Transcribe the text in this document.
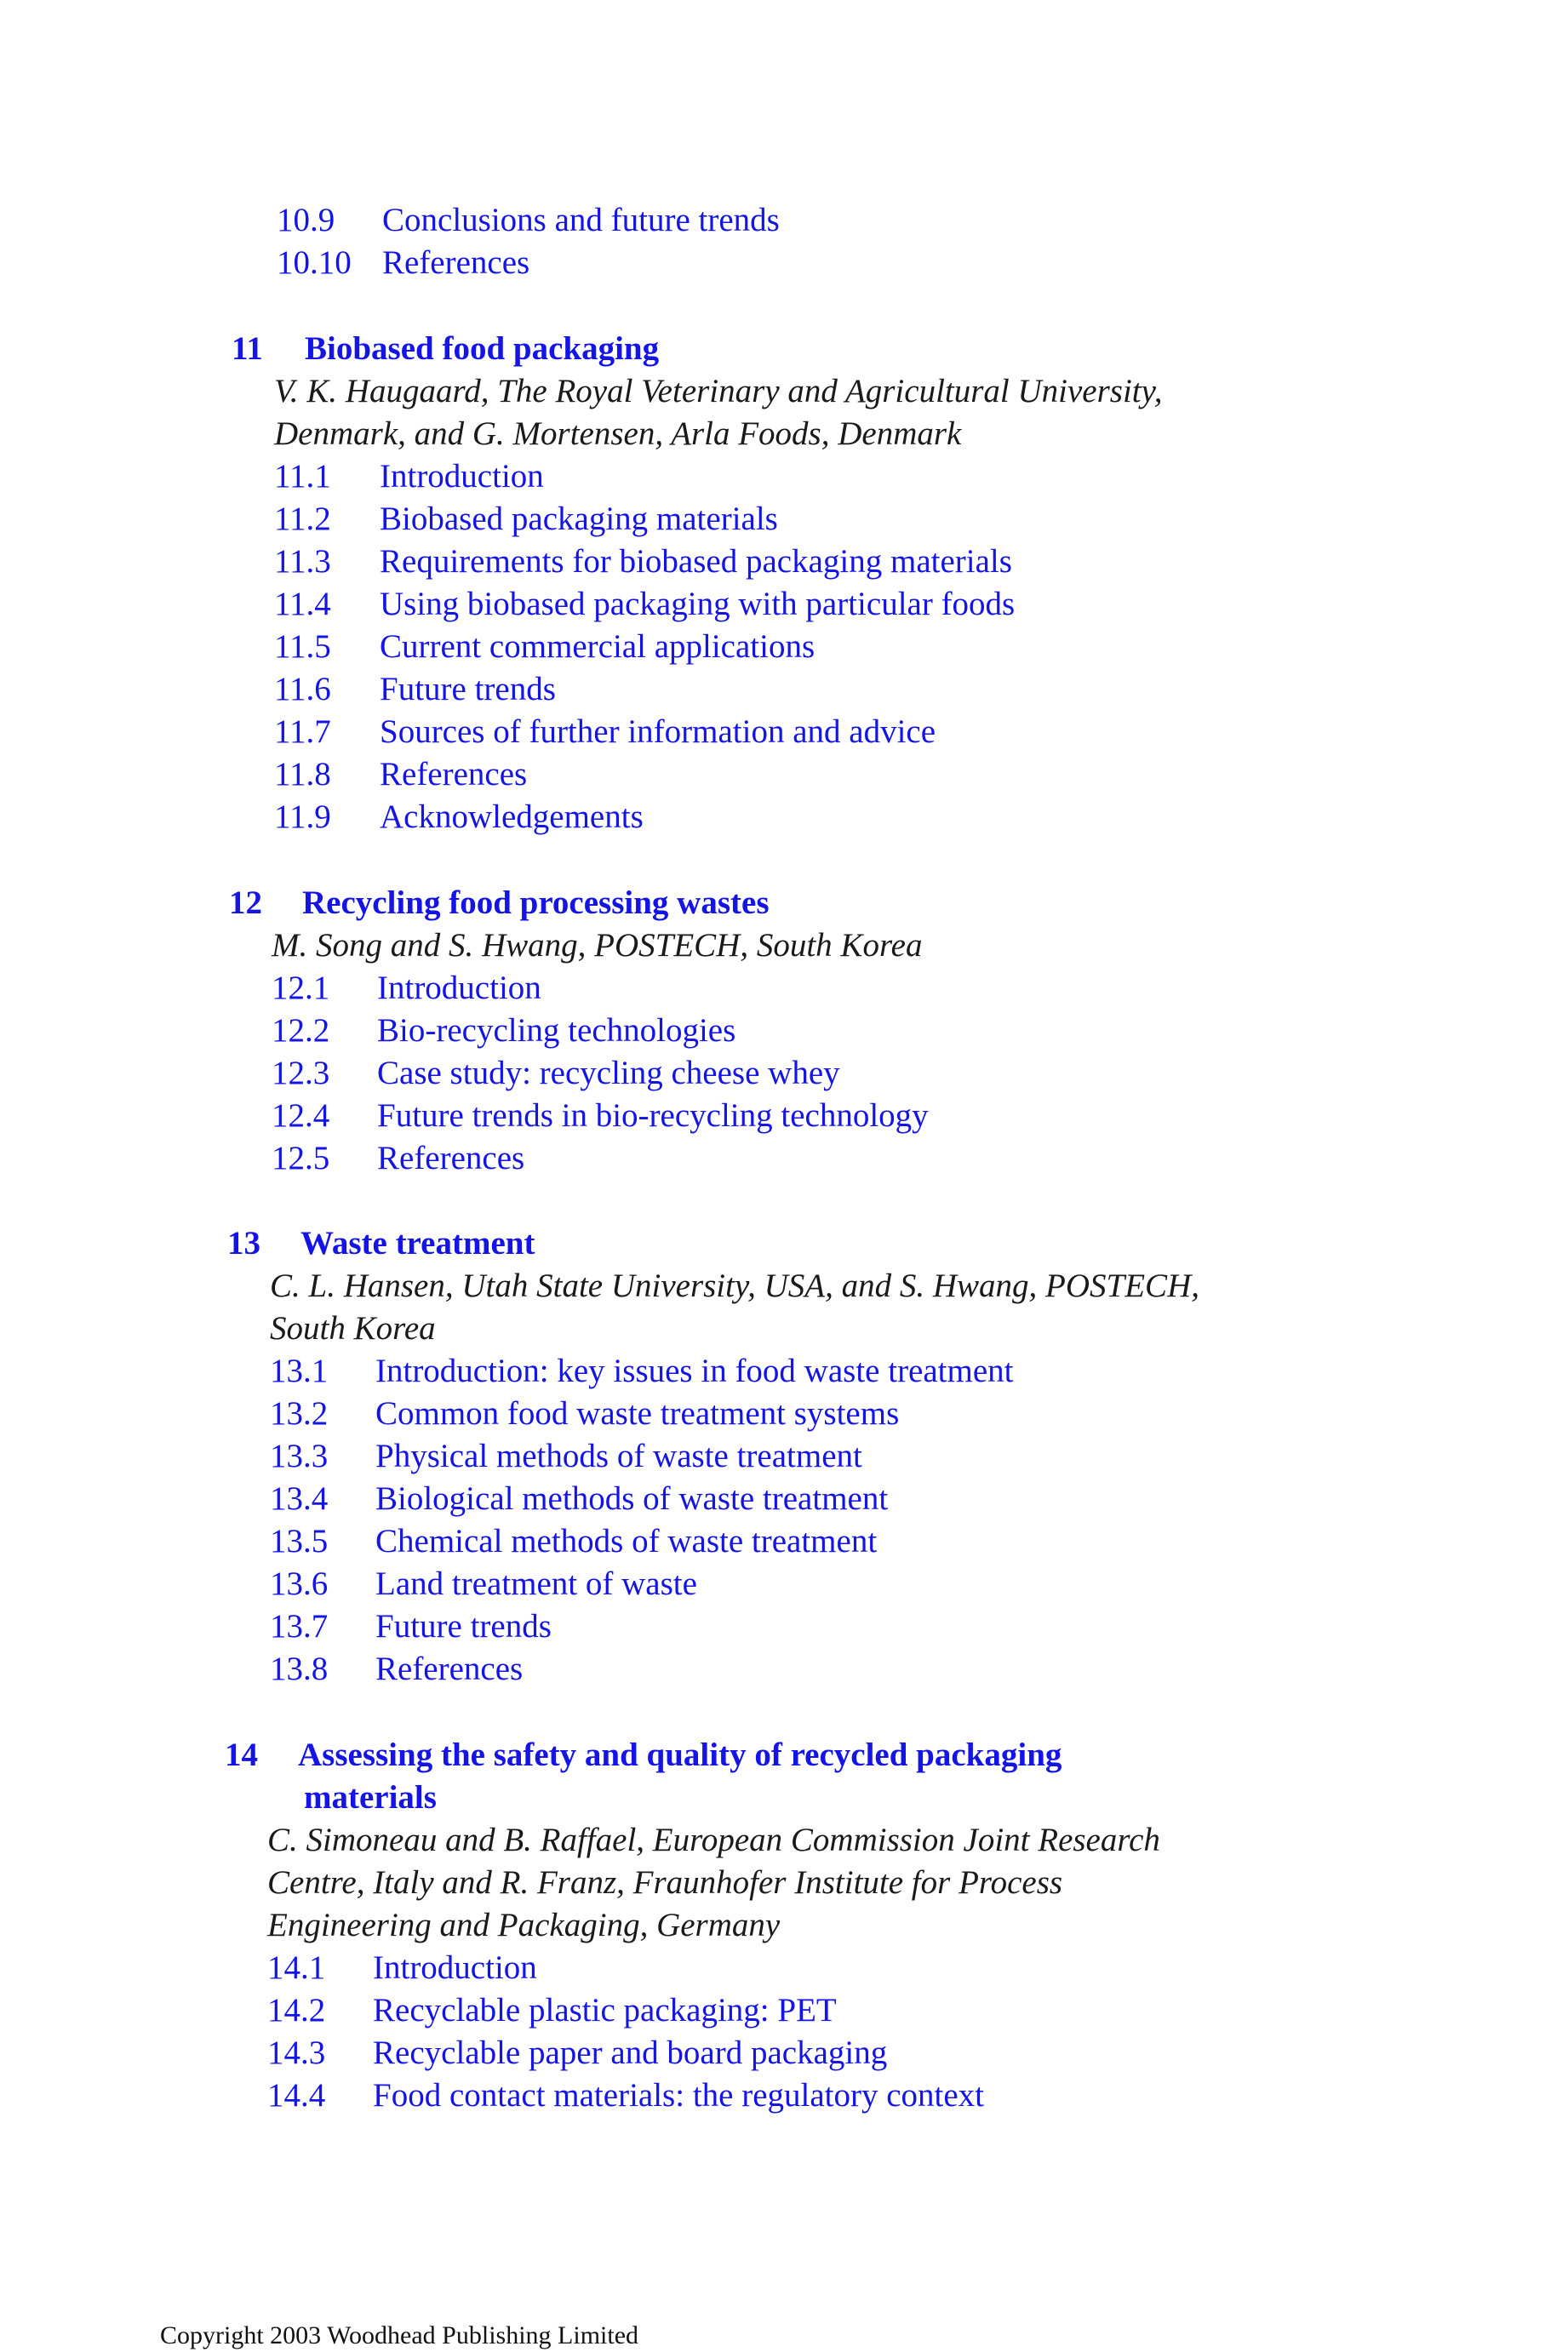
10.9 Conclusions and future trends
10.10 References
11 Biobased food packaging
V. K. Haugaard, The Royal Veterinary and Agricultural University,
Denmark, and G. Mortensen, Arla Foods, Denmark
11.1 Introduction
11.2 Biobased packaging materials
11.3 Requirements for biobased packaging materials
11.4 Using biobased packaging with particular foods
11.5 Current commercial applications
11.6 Future trends
11.7 Sources of further information and advice
11.8 References
11.9 Acknowledgements
12 Recycling food processing wastes
M. Song and S. Hwang, POSTECH, South Korea
12.1 Introduction
12.2 Bio-recycling technologies
12.3 Case study: recycling cheese whey
12.4 Future trends in bio-recycling technology
12.5 References
13 Waste treatment
C. L. Hansen, Utah State University, USA, and S. Hwang, POSTECH,
South Korea
13.1 Introduction: key issues in food waste treatment
13.2 Common food waste treatment systems
13.3 Physical methods of waste treatment
13.4 Biological methods of waste treatment
13.5 Chemical methods of waste treatment
13.6 Land treatment of waste
13.7 Future trends
13.8 References
14 Assessing the safety and quality of recycled packaging
materials
C. Simoneau and B. Raffael, European Commission Joint Research
Centre, Italy and R. Franz, Fraunhofer Institute for Process
Engineering and Packaging, Germany
14.1 Introduction
14.2 Recyclable plastic packaging: PET
14.3 Recyclable paper and board packaging
14.4 Food contact materials: the regulatory context
Copyright 2003 Woodhead Publishing Limited
